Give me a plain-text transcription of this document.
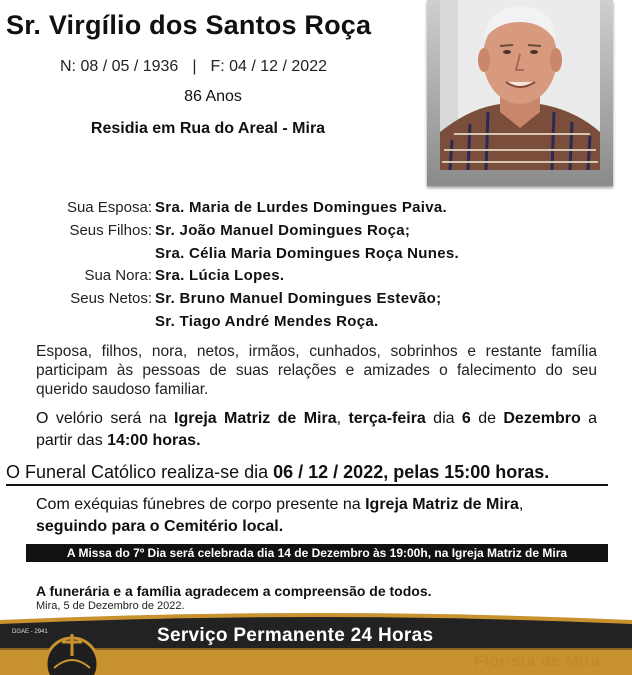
Sr. Virgílio dos Santos Roça
N: 08 / 05 / 1936 | F: 04 / 12 / 2022
86 Anos
Residia em Rua do Areal - Mira
Sua Esposa: Sra. Maria de Lurdes Domingues Paiva.
Seus Filhos: Sr. João Manuel Domingues Roça;
Sra. Célia Maria Domingues Roça Nunes.
Sua Nora: Sra. Lúcia Lopes.
Seus Netos: Sr. Bruno Manuel Domingues Estevão;
Sr. Tiago André Mendes Roça.
Esposa, filhos, nora, netos, irmãos, cunhados, sobrinhos e restante família participam às pessoas de suas relações e amizades o falecimento do seu querido saudoso familiar.
O velório será na Igreja Matriz de Mira, terça-feira dia 6 de Dezembro a partir das 14:00 horas.
O Funeral Católico realiza-se dia 06 / 12 / 2022, pelas 15:00 horas.
Com exéquias fúnebres de corpo presente na Igreja Matriz de Mira,
seguindo para o Cemitério local.
A Missa do 7º Dia será celebrada dia 14 de Dezembro às 19:00h, na Igreja Matriz de Mira
A funerária e a família agradecem a compreensão de todos.
Mira, 5 de Dezembro de 2022.
DGAE - 2941	Serviço Permanente 24 Horas
Florista de Mira
